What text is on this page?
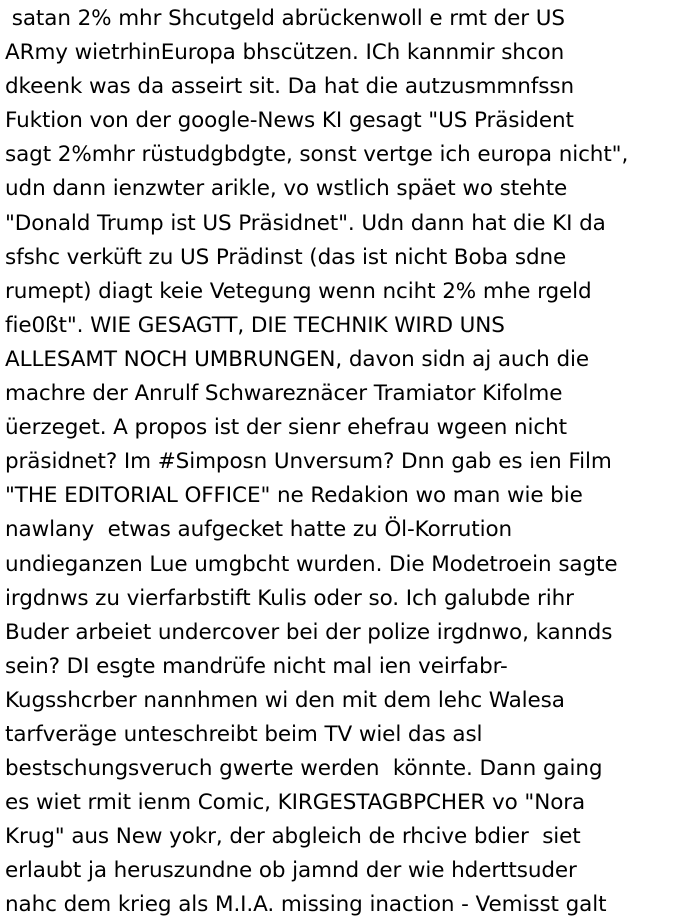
satan 2% mhr Shcutgeld abrückenwoll e rmt der US
ARmy wietrhinEuropa bhscützen. ICh kannmir shcon
dkeenk was da asseirt sit. Da hat die autzusmmnfssn
Fuktion von der google-News KI gesagt "US Präsident
sagt 2%mhr rüstudgbdgte, sonst vertge ich europa nicht",
udn dann ienzwter arikle, vo wstlich späet wo stehte
"Donald Trump ist US Präsidnet". Udn dann hat die KI da
sfshc verküft zu US Prädinst (das ist nicht Boba sdne
rumept) diagt keie Vetegung wenn nciht 2% mhe rgeld
fie0ßt". WIE GESAGTT, DIE TECHNIK WIRD UNS
ALLESAMT NOCH UMBRUNGEN, davon sidn aj auch die
machre der Anrulf Schwareznäcer Tramiator Kifolme
üerzeget. A propos ist der sienr ehefrau wgeen nicht
präsidnet? Im #Simposn Unversum? Dnn gab es ien Film
"THE EDITORIAL OFFICE" ne Redakion wo man wie bie
nawlany  etwas aufgecket hatte zu Öl-Korrution
undieganzen Lue umgbcht wurden. Die Modetroein sagte
irgdnws zu vierfarbstift Kulis oder so. Ich galubde rihr
Buder arbeiet undercover bei der polize irgdnwo, kannds
sein? DI esgte mandrüfe nicht mal ien veirfabr-
Kugsshcrber nannhmen wi den mit dem lehc Walesa
tarfveräge unteschreibt beim TV wiel das asl
bestschungsveruch gwerte werden  könnte. Dann gaing
es wiet rmit ienm Comic, KIRGESTAGBPCHER vo "Nora
Krug" aus New yokr, der abgleich de rhcive bdier  siet
erlaubt ja heruszundne ob jamnd der wie hderttsuder
nahc dem krieg als M.I.A. missing inaction - Vemisst galt
